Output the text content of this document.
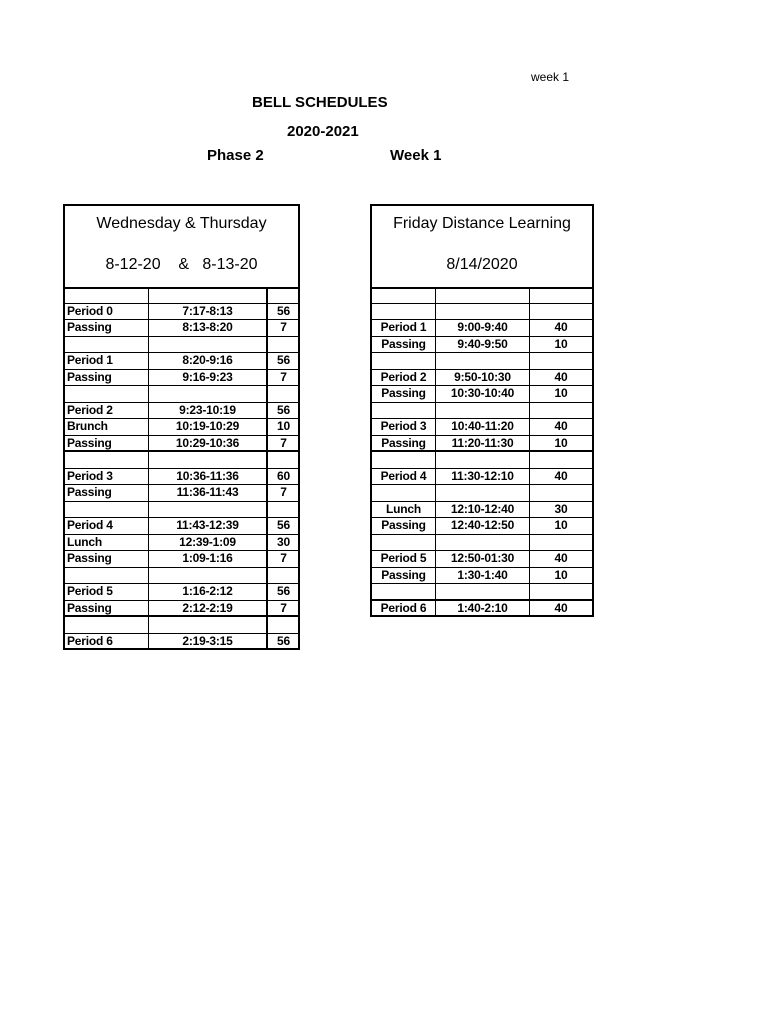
week 1
BELL SCHEDULES
2020-2021
Phase 2	Week 1
Wednesday & Thursday
8-12-20    &   8-13-20
Period 0	7:17-8:13	56
Passing	8:13-8:20	7
Period 1	8:20-9:16	56
Passing	9:16-9:23	7
Period 2	9:23-10:19	56
Brunch	10:19-10:29	10
Passing	10:29-10:36	7
Period 3	10:36-11:36	60
Passing	11:36-11:43	7
Period 4	11:43-12:39	56
Lunch	12:39-1:09	30
Passing	1:09-1:16	7
Period 5	1:16-2:12	56
Passing	2:12-2:19	7
Period 6	2:19-3:15	56
Friday Distance Learning
8/14/2020
Period 1	9:00-9:40	40
Passing	9:40-9:50	10
Period 2	9:50-10:30	40
Passing	10:30-10:40	10
Period 3	10:40-11:20	40
Passing	11:20-11:30	10
Period 4	11:30-12:10	40
Lunch	12:10-12:40	30
Passing	12:40-12:50	10
Period 5	12:50-01:30	40
Passing	1:30-1:40	10
Period 6	1:40-2:10	40
